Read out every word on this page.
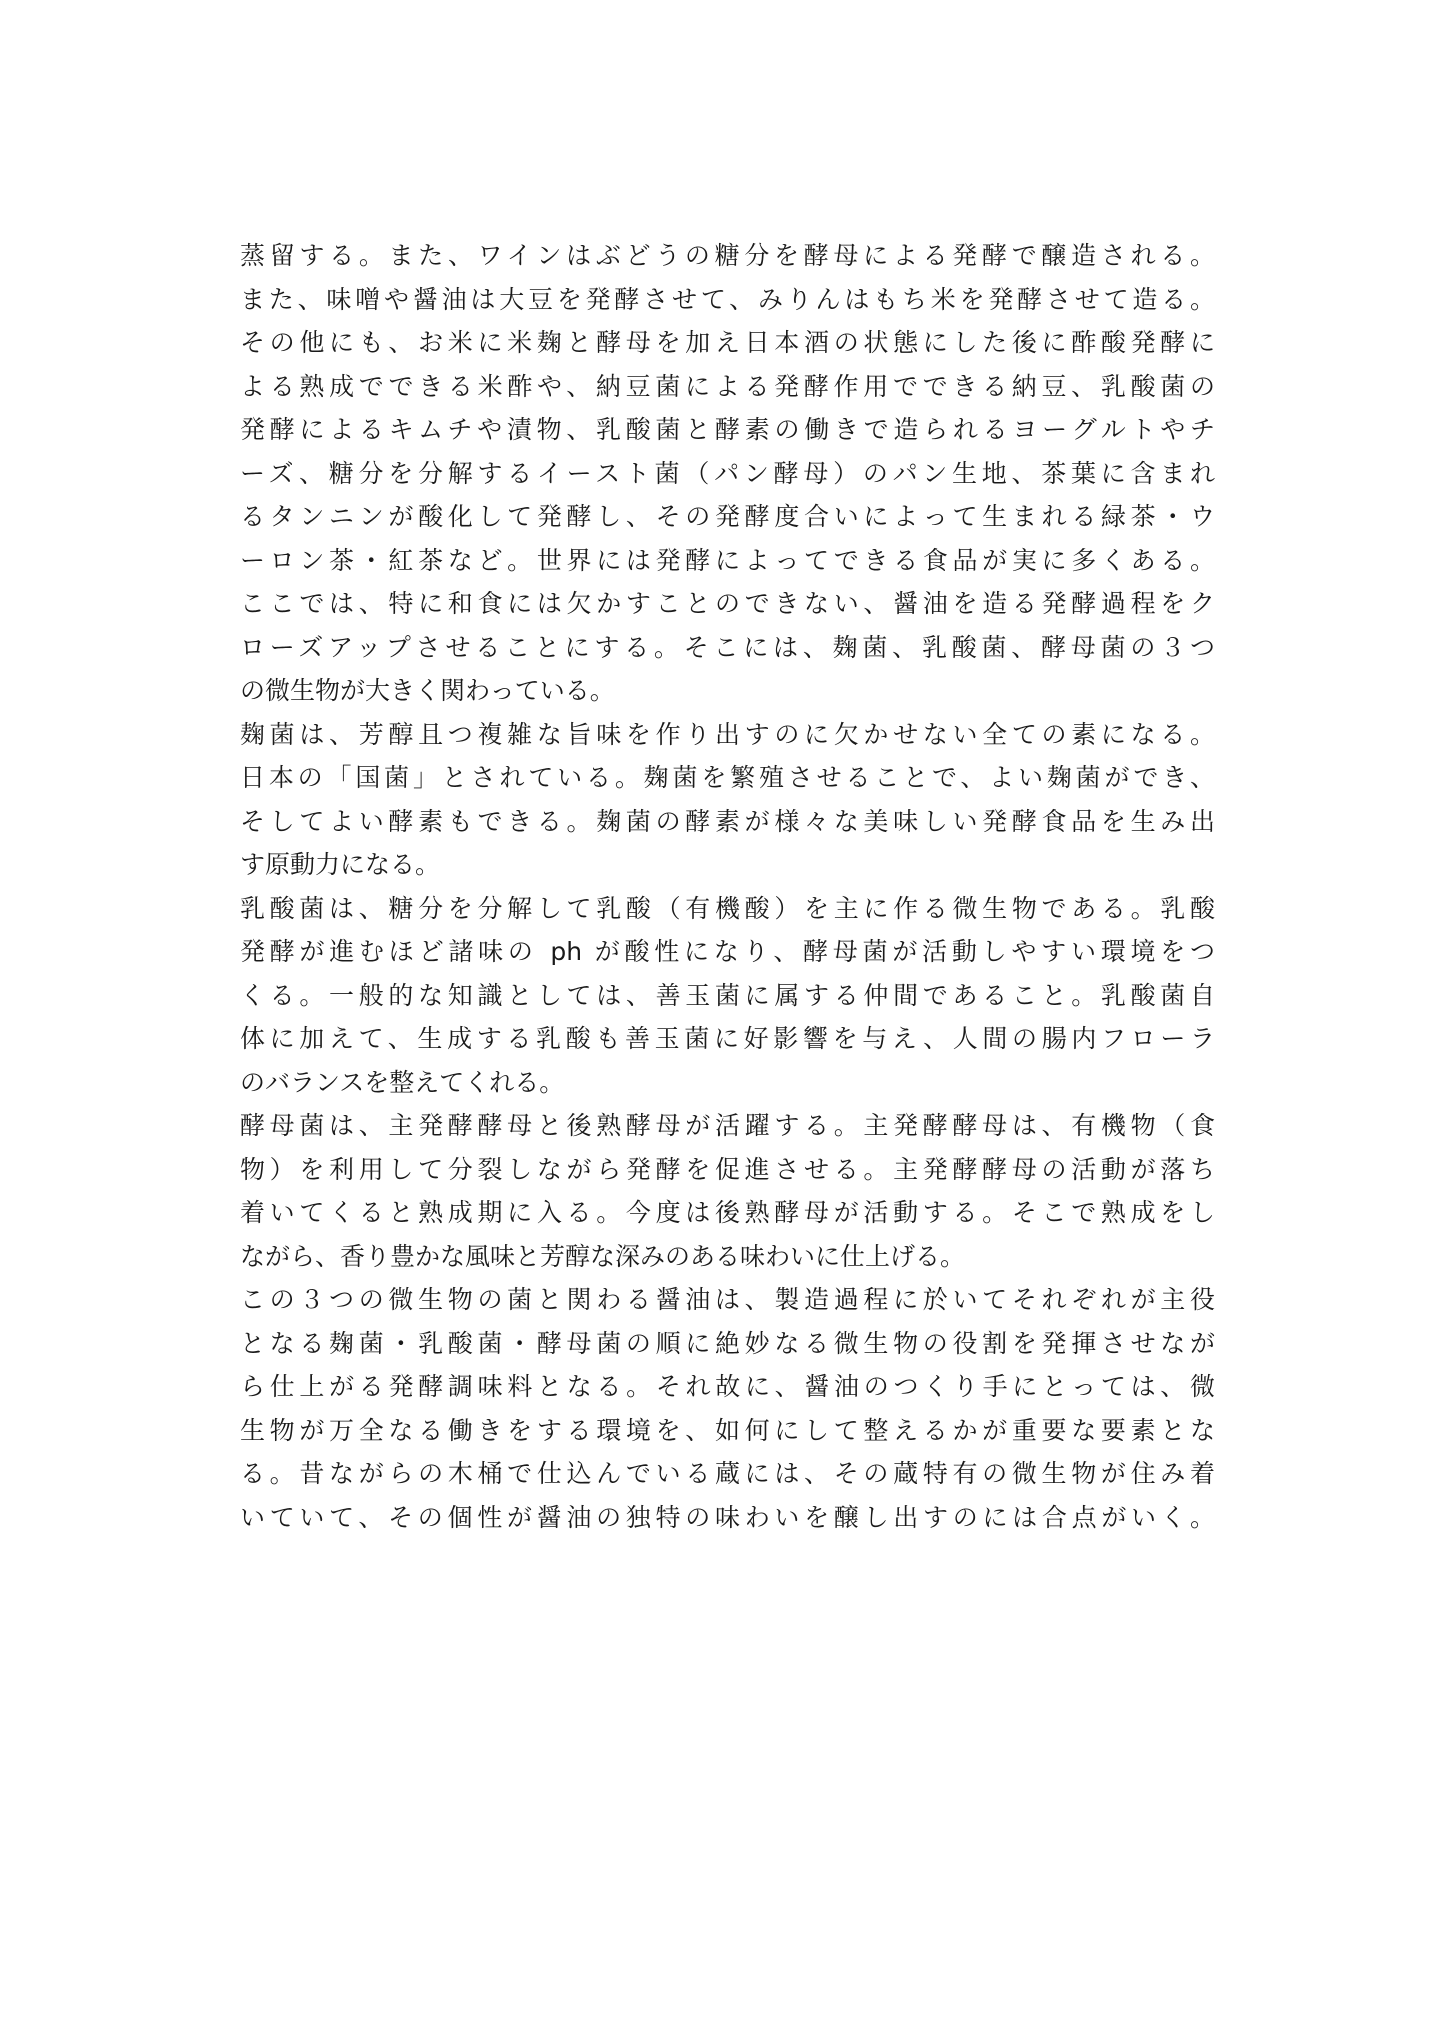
蒸留する。また、ワインはぶどうの糖分を酵母による発酵で醸造される。
また、味噌や醤油は大豆を発酵させて、みりんはもち米を発酵させて造る。
その他にも、お米に米麹と酵母を加え日本酒の状態にした後に酢酸発酵に
よる熟成でできる米酢や、納豆菌による発酵作用でできる納豆、乳酸菌の
発酵によるキムチや漬物、乳酸菌と酵素の働きで造られるヨーグルトやチ
ーズ、糖分を分解するイースト菌（パン酵母）のパン生地、茶葉に含まれ
るタンニンが酸化して発酵し、その発酵度合いによって生まれる緑茶・ウ
ーロン茶・紅茶など。世界には発酵によってできる食品が実に多くある。
ここでは、特に和食には欠かすことのできない、醤油を造る発酵過程をク
ローズアップさせることにする。そこには、麹菌、乳酸菌、酵母菌の３つ
の微生物が大きく関わっている。
麹菌は、芳醇且つ複雑な旨味を作り出すのに欠かせない全ての素になる。
日本の「国菌」とされている。麹菌を繁殖させることで、よい麹菌ができ、
そしてよい酵素もできる。麹菌の酵素が様々な美味しい発酵食品を生み出
す原動力になる。
乳酸菌は、糖分を分解して乳酸（有機酸）を主に作る微生物である。乳酸
発酵が進むほど諸味の ph が酸性になり、酵母菌が活動しやすい環境をつ
くる。一般的な知識としては、善玉菌に属する仲間であること。乳酸菌自
体に加えて、生成する乳酸も善玉菌に好影響を与え、人間の腸内フローラ
のバランスを整えてくれる。
酵母菌は、主発酵酵母と後熟酵母が活躍する。主発酵酵母は、有機物（食
物）を利用して分裂しながら発酵を促進させる。主発酵酵母の活動が落ち
着いてくると熟成期に入る。今度は後熟酵母が活動する。そこで熟成をし
ながら、香り豊かな風味と芳醇な深みのある味わいに仕上げる。
この３つの微生物の菌と関わる醤油は、製造過程に於いてそれぞれが主役
となる麹菌・乳酸菌・酵母菌の順に絶妙なる微生物の役割を発揮させなが
ら仕上がる発酵調味料となる。それ故に、醤油のつくり手にとっては、微
生物が万全なる働きをする環境を、如何にして整えるかが重要な要素とな
る。昔ながらの木桶で仕込んでいる蔵には、その蔵特有の微生物が住み着
いていて、その個性が醤油の独特の味わいを醸し出すのには合点がいく。
